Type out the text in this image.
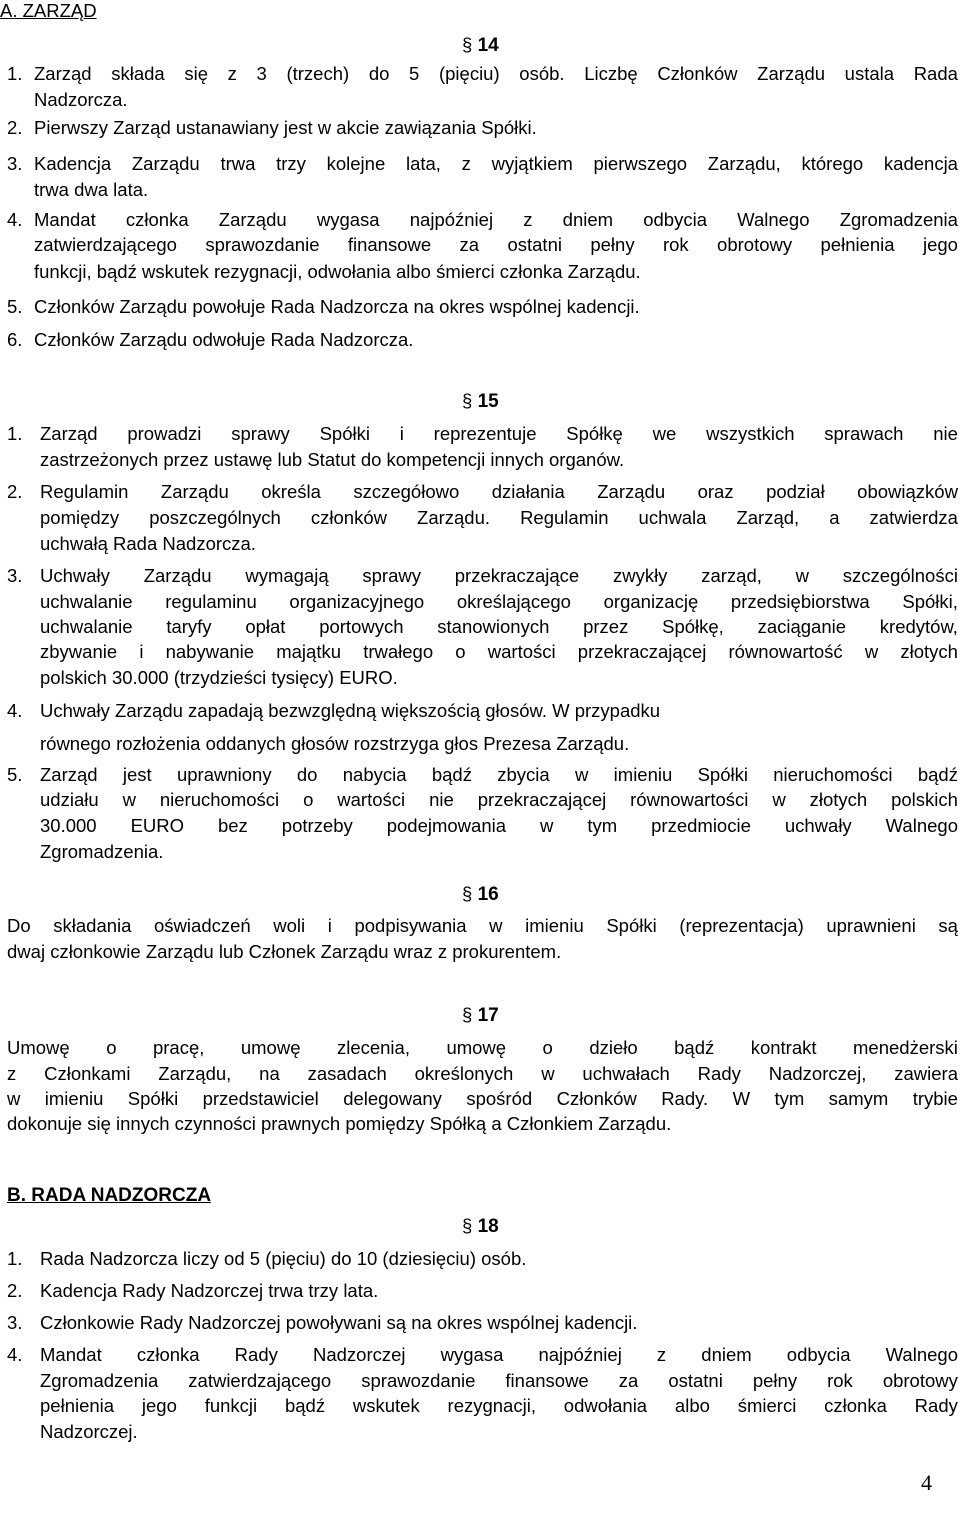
A. ZARZĄD
§ 14
1. Zarząd składa się z 3 (trzech) do 5 (pięciu) osób. Liczbę Członków Zarządu ustala Rada
Nadzorcza.
2. Pierwszy Zarząd ustanawiany jest w akcie zawiązania Spółki.
3. Kadencja Zarządu trwa trzy kolejne lata, z wyjątkiem pierwszego Zarządu, którego kadencja
trwa dwa lata.
4. Mandat członka Zarządu wygasa najpóźniej z dniem odbycia Walnego Zgromadzenia
zatwierdzającego sprawozdanie finansowe za ostatni pełny rok obrotowy pełnienia jego
funkcji, bądź wskutek rezygnacji, odwołania albo śmierci członka Zarządu.
5. Członków Zarządu powołuje Rada Nadzorcza na okres wspólnej kadencji.
6. Członków Zarządu odwołuje Rada Nadzorcza.
§ 15
1. Zarząd prowadzi sprawy Spółki i reprezentuje Spółkę we wszystkich sprawach nie
zastrzeżonych przez ustawę lub Statut do kompetencji innych organów.
2. Regulamin Zarządu określa szczegółowo działania Zarządu oraz podział obowiązków
pomiędzy poszczególnych członków Zarządu. Regulamin uchwala Zarząd, a zatwierdza
uchwałą Rada Nadzorcza.
3. Uchwały Zarządu wymagają sprawy przekraczające zwykły zarząd, w szczególności
uchwalanie regulaminu organizacyjnego określającego organizację przedsiębiorstwa Spółki,
uchwalanie taryfy opłat portowych stanowionych przez Spółkę, zaciąganie kredytów,
zbywanie i nabywanie majątku trwałego o wartości przekraczającej równowartość w złotych
polskich 30.000 (trzydzieści tysięcy) EURO.
4. Uchwały Zarządu zapadają bezwzględną większością głosów. W przypadku
równego rozłożenia oddanych głosów rozstrzyga głos Prezesa Zarządu.
5. Zarząd jest uprawniony do nabycia bądź zbycia w imieniu Spółki nieruchomości bądź
udziału w nieruchomości o wartości nie przekraczającej równowartości w złotych polskich
30.000 EURO bez potrzeby podejmowania w tym przedmiocie uchwały Walnego
Zgromadzenia.
§ 16
Do składania oświadczeń woli i podpisywania w imieniu Spółki (reprezentacja) uprawnieni są
dwaj członkowie Zarządu lub Członek Zarządu wraz z prokurentem.
§ 17
Umowę o pracę, umowę zlecenia, umowę o dzieło bądź kontrakt menedżerski
z Członkami Zarządu, na zasadach określonych w uchwałach Rady Nadzorczej, zawiera
w imieniu Spółki przedstawiciel delegowany spośród Członków Rady. W tym samym trybie
dokonuje się innych czynności prawnych pomiędzy Spółką a Członkiem Zarządu.
B. RADA NADZORCZA
§ 18
1. Rada Nadzorcza liczy od 5 (pięciu) do 10 (dziesięciu) osób.
2. Kadencja Rady Nadzorczej trwa trzy lata.
3. Członkowie Rady Nadzorczej powoływani są na okres wspólnej kadencji.
4. Mandat członka Rady Nadzorczej wygasa najpóźniej z dniem odbycia Walnego
Zgromadzenia zatwierdzającego sprawozdanie finansowe za ostatni pełny rok obrotowy
pełnienia jego funkcji bądź wskutek rezygnacji, odwołania albo śmierci członka Rady
Nadzorczej.
4
